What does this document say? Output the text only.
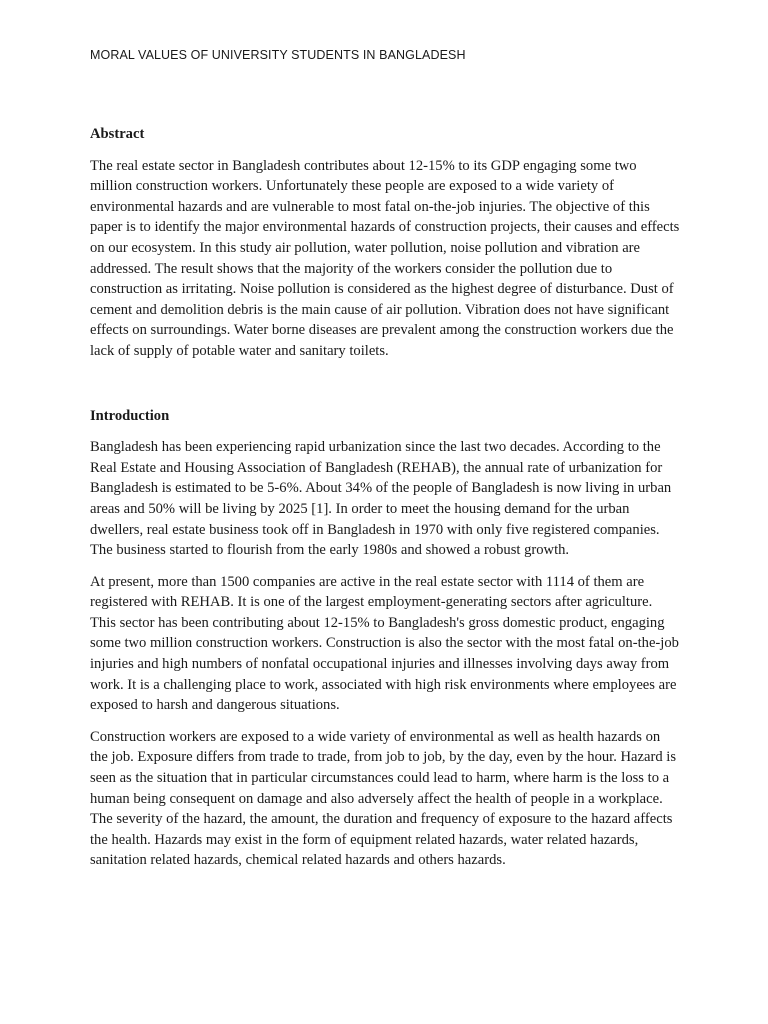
MORAL VALUES OF UNIVERSITY STUDENTS IN BANGLADESH

Abstract

The real estate sector in Bangladesh contributes about 12-15% to its GDP engaging some two million construction workers. Unfortunately these people are exposed to a wide variety of environmental hazards and are vulnerable to most fatal on-the-job injuries. The objective of this paper is to identify the major environmental hazards of construction projects, their causes and effects on our ecosystem. In this study air pollution, water pollution, noise pollution and vibration are addressed. The result shows that the majority of the workers consider the pollution due to construction as irritating. Noise pollution is considered as the highest degree of disturbance. Dust of cement and demolition debris is the main cause of air pollution. Vibration does not have significant effects on surroundings. Water borne diseases are prevalent among the construction workers due the lack of supply of potable water and sanitary toilets.

Introduction

Bangladesh has been experiencing rapid urbanization since the last two decades. According to the Real Estate and Housing Association of Bangladesh (REHAB), the annual rate of urbanization for Bangladesh is estimated to be 5-6%. About 34% of the people of Bangladesh is now living in urban areas and 50% will be living by 2025 [1]. In order to meet the housing demand for the urban dwellers, real estate business took off in Bangladesh in 1970 with only five registered companies. The business started to flourish from the early 1980s and showed a robust growth.

At present, more than 1500 companies are active in the real estate sector with 1114 of them are registered with REHAB. It is one of the largest employment-generating sectors after agriculture. This sector has been contributing about 12-15% to Bangladesh's gross domestic product, engaging some two million construction workers. Construction is also the sector with the most fatal on-the-job injuries and high numbers of nonfatal occupational injuries and illnesses involving days away from work. It is a challenging place to work, associated with high risk environments where employees are exposed to harsh and dangerous situations.

Construction workers are exposed to a wide variety of environmental as well as health hazards on the job. Exposure differs from trade to trade, from job to job, by the day, even by the hour. Hazard is seen as the situation that in particular circumstances could lead to harm, where harm is the loss to a human being consequent on damage and also adversely affect the health of people in a workplace. The severity of the hazard, the amount, the duration and frequency of exposure to the hazard affects the health. Hazards may exist in the form of equipment related hazards, water related hazards, sanitation related hazards, chemical related hazards and others hazards.
